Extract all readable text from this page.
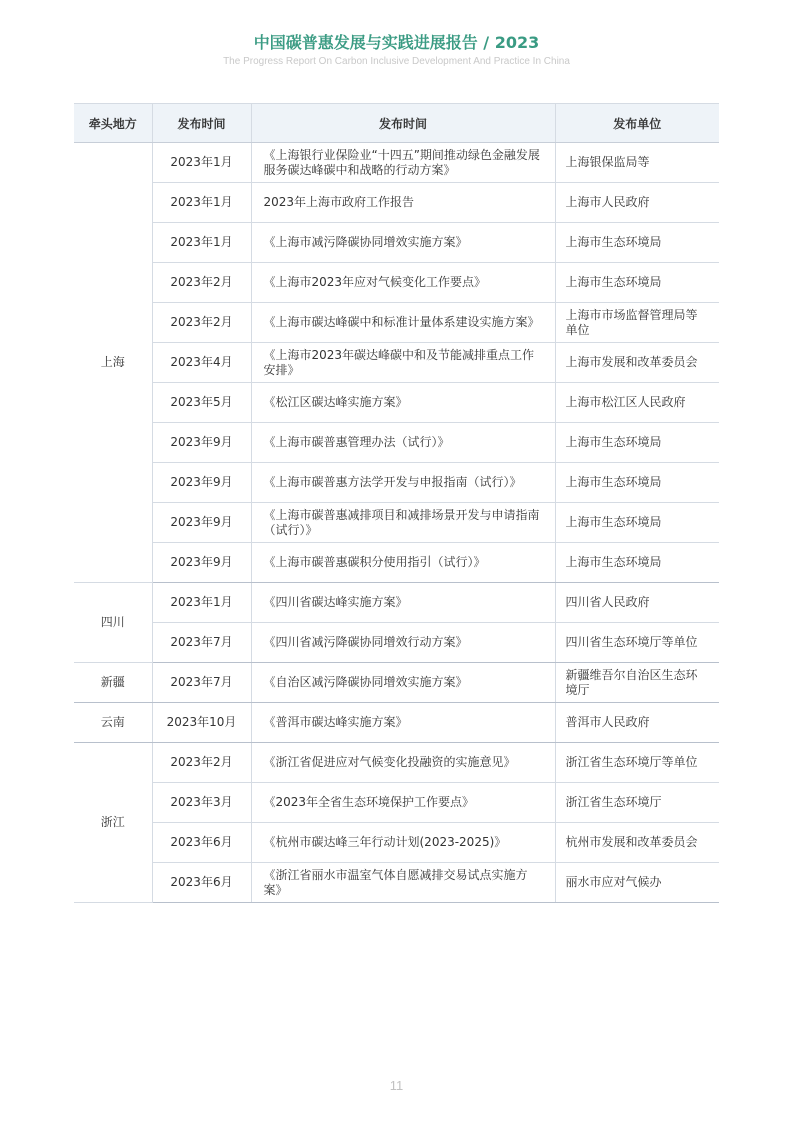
中国碳普惠发展与实践进展报告 / 2023
The Progress Report On Carbon Inclusive Development And Practice In China
牵头地方	发布时间	发布时间	发布单位
上海	2023年1月	《上海银行业保险业“十四五”期间推动绿色金融发展服务碳达峰碳中和战略的行动方案》	上海银保监局等
	2023年1月	2023年上海市政府工作报告	上海市人民政府
	2023年1月	《上海市减污降碳协同增效实施方案》	上海市生态环境局
	2023年2月	《上海市2023年应对气候变化工作要点》	上海市生态环境局
	2023年2月	《上海市碳达峰碳中和标准计量体系建设实施方案》	上海市市场监督管理局等单位
	2023年4月	《上海市2023年碳达峰碳中和及节能减排重点工作安排》	上海市发展和改革委员会
	2023年5月	《松江区碳达峰实施方案》	上海市松江区人民政府
	2023年9月	《上海市碳普惠管理办法（试行）》	上海市生态环境局
	2023年9月	《上海市碳普惠方法学开发与申报指南（试行）》	上海市生态环境局
	2023年9月	《上海市碳普惠减排项目和减排场景开发与申请指南（试行）》	上海市生态环境局
	2023年9月	《上海市碳普惠碳积分使用指引（试行）》	上海市生态环境局
四川	2023年1月	《四川省碳达峰实施方案》	四川省人民政府
	2023年7月	《四川省减污降碳协同增效行动方案》	四川省生态环境厅等单位
新疆	2023年7月	《自治区减污降碳协同增效实施方案》	新疆维吾尔自治区生态环境厅
云南	2023年10月	《普洱市碳达峰实施方案》	普洱市人民政府
浙江	2023年2月	《浙江省促进应对气候变化投融资的实施意见》	浙江省生态环境厅等单位
	2023年3月	《2023年全省生态环境保护工作要点》	浙江省生态环境厅
	2023年6月	《杭州市碳达峰三年行动计划(2023-2025)》	杭州市发展和改革委员会
	2023年6月	《浙江省丽水市温室气体自愿减排交易试点实施方案》	丽水市应对气候办
11
